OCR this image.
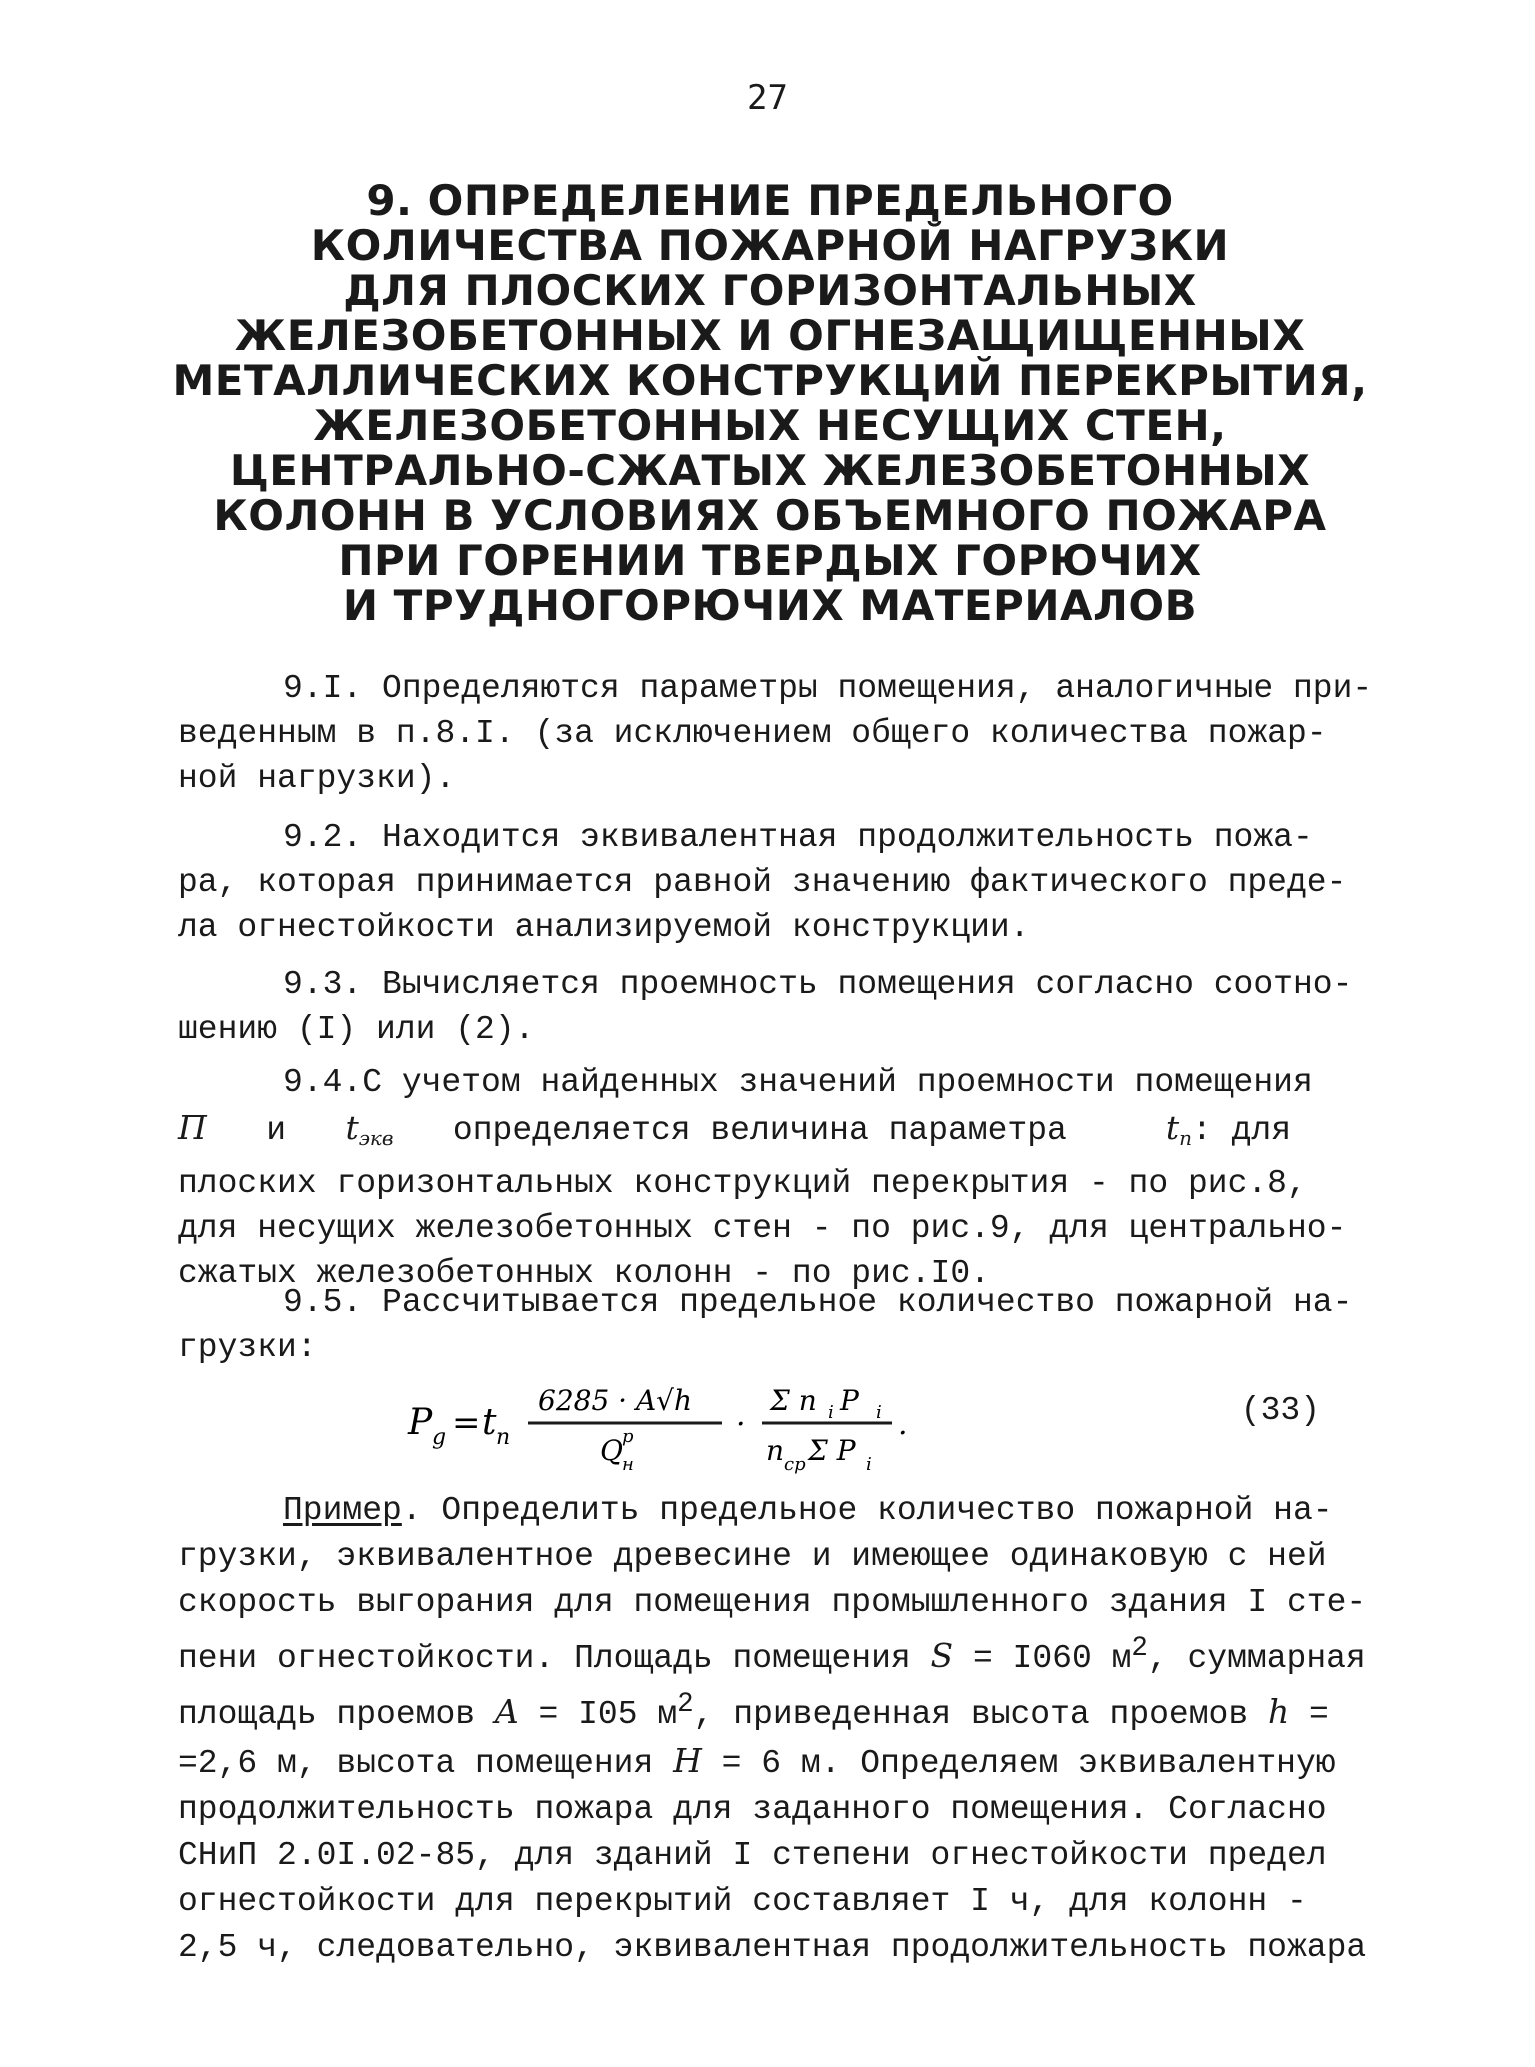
27
9. ОПРЕДЕЛЕНИЕ ПРЕДЕЛЬНОГО
КОЛИЧЕСТВА ПОЖАРНОЙ НАГРУЗКИ
ДЛЯ ПЛОСКИХ ГОРИЗОНТАЛЬНЫХ
ЖЕЛЕЗОБЕТОННЫХ И ОГНЕЗАЩИЩЕННЫХ
МЕТАЛЛИЧЕСКИХ КОНСТРУКЦИЙ ПЕРЕКРЫТИЯ,
ЖЕЛЕЗОБЕТОННЫХ НЕСУЩИХ СТЕН,
ЦЕНТРАЛЬНО-СЖАТЫХ ЖЕЛЕЗОБЕТОННЫХ
КОЛОНН В УСЛОВИЯХ ОБЪЕМНОГО ПОЖАРА
ПРИ ГОРЕНИИ ТВЕРДЫХ ГОРЮЧИХ
И ТРУДНОГОРЮЧИХ МАТЕРИАЛОВ
9.I. Определяются параметры помещения, аналогичные при-
веденным в п.8.I. (за исключением общего количества пожар-
ной нагрузки).
9.2. Находится эквивалентная продолжительность пожа-
ра, которая принимается равной значению фактического преде-
ла огнестойкости анализируемой конструкции.
9.3. Вычисляется проемность помещения согласно соотно-
шению (I) или (2).
9.4.С учетом найденных значений проемности помещения
П и $t_{экв}$ определяется величина параметра	$t_п$: для
плоских горизонтальных конструкций перекрытия - по рис.8,
для несущих железобетонных стен - по рис.9, для центрально-
сжатых железобетонных колонн - по рис.I0.
9.5. Рассчитывается предельное количество пожарной на-
грузки:
P g = t п
6285 · A√h
Q н
p	·
Σ n i P i
n ср Σ P i
.	(33)
Пример. Определить предельное количество пожарной на-
грузки, эквивалентное древесине и имеющее одинаковую с ней
скорость выгорания для помещения промышленного здания I сте-
пени огнестойкости. Площадь помещения S = I060 $м^2$, суммарная
площадь проемов A = I05 $м^2$, приведенная высота проемов h =
=2,6 м, высота помещения H = 6 м. Определяем эквивалентную
продолжительность пожара для заданного помещения. Согласно
СНиП 2.0I.02-85, для зданий I степени огнестойкости предел
огнестойкости для перекрытий составляет I ч, для колонн -
2,5 ч, следовательно, эквивалентная продолжительность пожара
